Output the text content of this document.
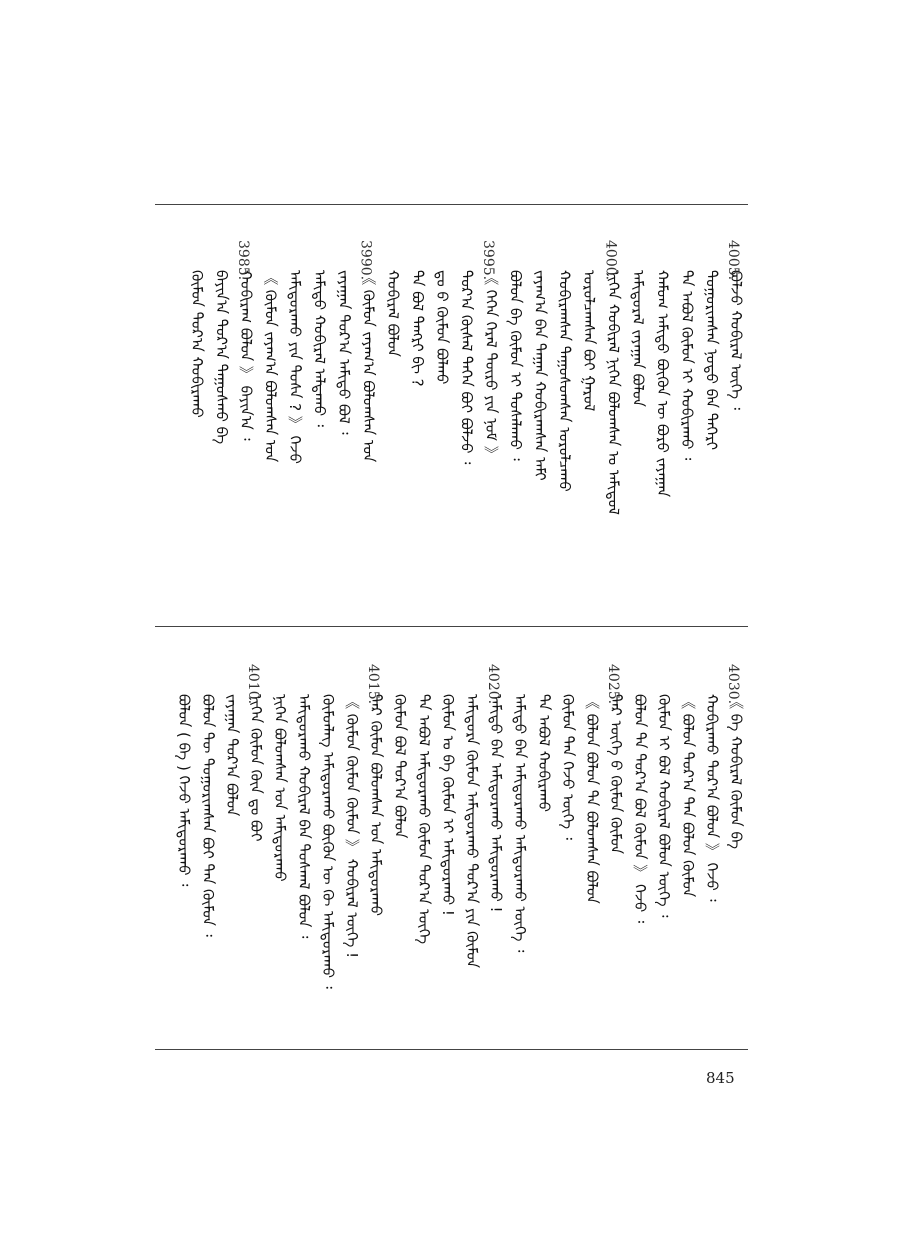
ᠪᠤᠯᠵᠤ ᠬᠤᠪᠢᠷᠠᠯ ᠦᠭᠡ ᠄
ᠲᠤᠭᠤᠷᠢᠭᠰᠠᠨ ᠨᠤᠳᠤ ᠪᠠᠨ ᠲᠡᠭᠡᠷᠢ
ᠲᠡ ᠠᠪᠤᠯ ᠬᠦᠮᠦᠨ ᠢ ᠬᠤᠪᠢᠷᠠᠬᠤ ᠄
ᠬᠠᠮᠤᠭ ᠠᠮᠢᠳᠤ ᠪᠦᠬᠦᠨ ᠦ ᠪᠤᠷᠤ ᠵᠠᠶᠠᠭᠠᠨ
ᠠᠮᠢᠳᠤᠷᠠᠯ ᠵᠠᠶᠠᠭᠠᠨ ᠪᠤᠯᠤᠨ
ᠨᠢᠭᠡᠨ ᠬᠤᠪᠢᠷᠠᠯ ᠨᠢᠭᠡᠨ ᠪᠤᠯᠤᠭᠰᠠᠨ ᠤ ᠠᠮᠢᠳᠤᠯ
ᠤᠷᠤᠯᠴᠠᠭᠰᠠᠨ ᠪᠤᠢ ᠭᠠᠷᠤᠯ
ᠬᠤᠪᠢᠷᠠᠭᠰᠠᠨ ᠳᠠᠭᠤᠰᠤᠭᠰᠠᠨ ᠤᠷᠤᠯᠴᠠᠬᠤ
ᠵᠠᠶᠠᠭ᠎ᠠ ᠪᠡᠨ ᠳᠠᠭᠠᠨ ᠬᠤᠪᠢᠷᠠᠭᠰᠠᠨ ᠠᠮᠢ
ᠪᠣᠯᠣᠨ ᠪᠠ ᠬᠦᠮᠦᠨ ᠢ ᠲᠤᠰᠠᠯᠠᠬᠤ ᠄
《 ᠭᠡᠭᠡᠨ ᠭᠡᠷᠡᠯ ᠲᠦᠷᠦ ᠶᠢᠨ ᠨᠤᠮ 》
ᠳᠤᠷ᠎ᠠ ᠬᠦᠰᠡᠯ ᠳᠡᠭᠡᠨ ᠪᠤᠢ ᠪᠤᠯᠵᠤ ᠄
ᠳᠤ ᠪ ᠬᠦᠮᠦᠨ ᠪᠤᠯᠬᠤ
ᠲᠡ ᠪᠤᠯ ᠲᠡᠩᠷᠢ ᠪᠢ ?
ᠬᠤᠪᠢᠷᠠᠯ ᠪᠤᠯᠤᠨ
《 ᠬᠦᠮᠦᠨ ᠵᠠᠶᠠᠭ᠎ᠠ ᠪᠣᠯᠤᠭᠰᠠᠨ ᠤᠨ
ᠵᠠᠶᠠᠭᠠᠨ ᠳᠤᠷ᠎ᠠ ᠠᠮᠢᠳᠤ ᠪᠤᠯ ᠄
ᠠᠮᠢᠳᠤ ᠬᠤᠪᠢᠷᠠᠯ ᠠᠯᠳᠠᠬᠤ ᠄
ᠠᠮᠢᠳᠤᠷᠠᠬᠤ ᠶᠢᠨ ᠲᠤᠰᠠ ? 》 ᠭᠡᠵᠦ
《 ᠬᠦᠮᠦᠨ ᠵᠠᠶᠠᠭ᠎ᠠ ᠪᠣᠯᠤᠭᠰᠠᠨ ᠤᠨ
ᠬᠤᠪᠢᠷᠠᠭ ᠪᠤᠯᠤᠨ 》 ᠪᠠᠶᠢᠨ᠎ᠠ ᠄
ᠪᠠᠶᠢᠨ᠎ᠠ ᠳᠤᠷ᠎ᠠ ᠳᠠᠭᠤᠰᠬᠤ ᠪᠠ
ᠬᠦᠮᠦᠨ ᠳᠤᠷ᠎ᠠ ᠬᠤᠪᠢᠷᠠᠬᠤ
4005.
4000.
3995.
3990.
3985.
《 ᠪᠠ ᠬᠤᠪᠢᠷᠠᠯ ᠬᠦᠮᠦᠨ ᠪᠠ
ᠬᠤᠪᠢᠷᠠᠬᠤ ᠳᠤᠷ᠎ᠠ ᠪᠤᠯᠤᠨ 》 ᠭᠡᠵᠦ ᠄
《 ᠪᠤᠯᠤᠨ ᠳᠤᠷ᠎ᠠ ᠲᠠᠨ ᠪᠤᠯᠤᠨ ᠬᠦᠮᠦᠨ
ᠬᠦᠮᠦᠨ ᠢ ᠪᠤᠯ ᠬᠤᠪᠢᠷᠠᠯ ᠪᠤᠯᠤᠨ ᠦᠭᠡ ᠄
ᠪᠤᠯᠤᠨ ᠲᠡ ᠳᠤᠷ᠎ᠠ ᠪᠤᠯ ᠬᠦᠮᠦᠨ 》 ᠭᠡᠵᠦ ᠄
ᠲᠡᠷ ᠦᠭᠡ ᠪ ᠬᠦᠮᠦᠨ ᠬᠦᠮᠦᠨ
《 ᠪᠤᠯᠤᠨ ᠪᠤᠯᠤᠨ ᠲᠡ ᠪᠤᠯᠤᠭᠰᠠᠨ ᠪᠤᠯᠤᠨ
ᠬᠦᠮᠦᠨ ᠲᠠᠨ ᠭᠡᠵᠦ ᠦᠭᠡ ᠄
ᠲᠡ ᠠᠪᠤᠯ ᠬᠤᠪᠢᠷᠠᠬᠤ
ᠠᠮᠢᠳᠤ ᠪᠠᠨ ᠠᠮᠢᠳᠤᠷᠠᠬᠤ ᠠᠮᠢᠳᠤᠷᠠᠬᠤ ᠦᠭᠡ ᠄
ᠠᠮᠢᠳᠤ ᠪᠠᠨ ᠠᠮᠢᠳᠤᠷᠠᠬᠤ ᠠᠮᠢᠳᠤᠷᠠᠬᠤ !
ᠠᠮᠢᠳᠤᠷᠠ ᠬᠦᠮᠦᠨ ᠠᠮᠢᠳᠤᠷᠠᠬᠤ ᠳᠤᠷ᠎ᠠ ᠶᠢᠨ ᠬᠦᠮᠦᠨ
ᠬᠦᠮᠦᠨ ᠤ ᠪᠠ ᠬᠦᠮᠦᠨ ᠢ ᠠᠮᠢᠳᠤᠷᠠᠬᠤ !
ᠲᠡ ᠠᠪᠤᠯ ᠠᠮᠢᠳᠤᠷᠠᠬᠤ ᠬᠦᠮᠦᠨ ᠳᠤᠷ᠎ᠠ ᠦᠭᠡ
ᠬᠦᠮᠦᠨ ᠪᠤᠯ ᠳᠤᠷ᠎ᠠ ᠪᠤᠯᠤᠨ
ᠲᠡᠷ ᠬᠦᠮᠦᠨ ᠪᠤᠯᠤᠭᠰᠠᠨ ᠤᠨ ᠠᠮᠢᠳᠤᠷᠠᠬᠤ
《 ᠬᠦᠮᠦᠨ ᠬᠦᠮᠦᠨ ᠬᠦᠮᠦᠨ 》 ᠬᠤᠪᠢᠷᠠᠯ ᠦᠭᠡ !
ᠬᠦᠮᠦᠨᠯᠡᠭ ᠠᠮᠢᠳᠤᠷᠠᠬᠤ ᠪᠦᠬᠦᠨ ᠦ ᠬᠦ ᠠᠮᠢᠳᠤᠷᠠᠬᠤ ᠄
ᠠᠮᠢᠳᠤᠷᠠᠬᠤ ᠬᠤᠪᠢᠷᠠᠯ ᠪᠠᠨ ᠳᠤᠰᠬᠠᠯ ᠪᠤᠯᠤᠨ ᠄
ᠨᠢᠭᠡᠨ ᠪᠣᠯᠤᠭᠰᠠᠨ ᠤᠨ ᠠᠮᠢᠳᠤᠷᠠᠬᠤ
ᠨᠢᠭᠡᠨ ᠬᠦᠮᠦᠨ ᠬᠦᠨ ᠳᠤ ᠪᠤᠢ
ᠵᠠᠶᠠᠭᠠᠨ ᠳᠤᠷ᠎ᠠ ᠪᠤᠯᠤᠨ
ᠪᠤᠯᠤᠨ ᠲᠦ ᠲᠤᠭᠤᠷᠢᠭᠰᠠᠨ ᠪᠤᠢ ᠲᠠᠨ ᠬᠦᠮᠦᠨ ᠄
ᠪᠤᠯᠤᠨ ( ᠪᠠ ) ᠭᠡᠵᠦ ᠠᠮᠢᠳᠤᠷᠠᠬᠤ ᠄
4030.
4025.
4020.
4015.
4010.
845
